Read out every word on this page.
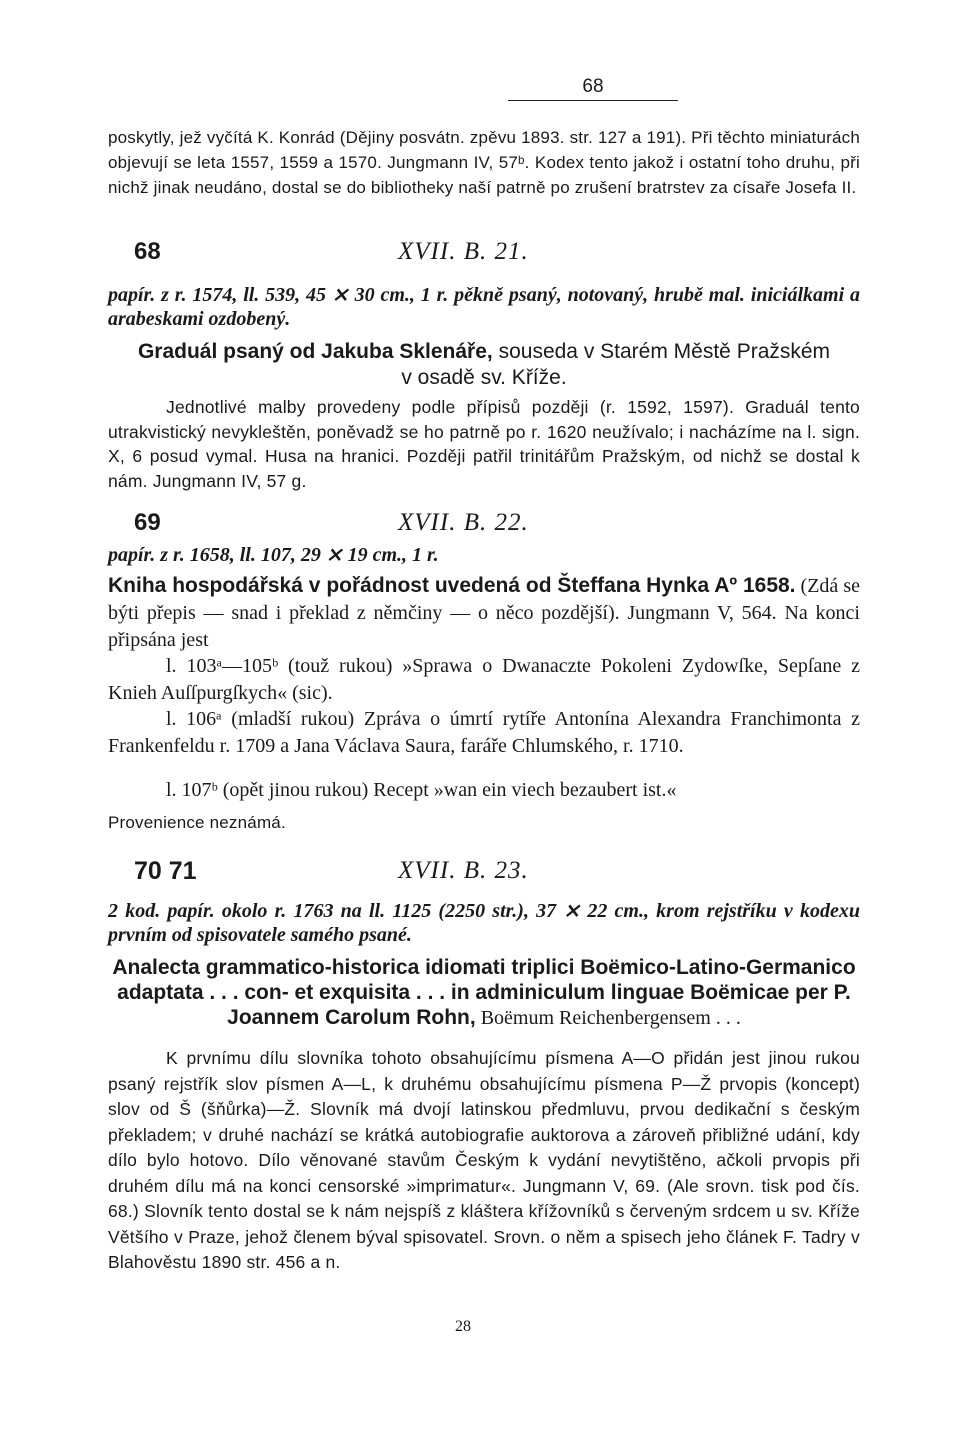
68
poskytly, jež vyčítá K. Konrád (Dějiny posvátn. zpěvu 1893. str. 127 a 191). Při těchto miniaturách objevují se leta 1557, 1559 a 1570. Jungmann IV, 57ᵇ. Kodex tento jakož i ostatní toho druhu, při nichž jinak neudáno, dostal se do bibliotheky naší patrně po zrušení bratrstev za císaře Josefa II.
68	XVII. B. 21.
papír. z r. 1574, ll. 539, 45 ⨯ 30 cm., 1 r. pěkně psaný, notovaný, hrubě mal. iniciálkami a arabeskami ozdobený.
Graduál psaný od Jakuba Sklenáře, souseda v Starém Městě Pražském v osadě sv. Kříže.
Jednotlivé malby provedeny podle přípisů později (r. 1592, 1597). Graduál tento utrakvistický nevykleštěn, poněvadž se ho patrně po r. 1620 neužívalo; i nacházíme na l. sign. X, 6 posud vymal. Husa na hranici. Později patřil trinitářům Pražským, od nichž se dostal k nám. Jungmann IV, 57 g.
69	XVII. B. 22.
papír. z r. 1658, ll. 107, 29 ⨯ 19 cm., 1 r.
Kniha hospodářská v pořádnost uvedená od Šteffana Hynka Aº 1658. (Zdá se býti přepis — snad i překlad z němčiny — o něco pozdější). Jungmann V, 564. Na konci připsána jest
l. 103ᵃ—105ᵇ (touž rukou) »Sprawa o Dwanaczte Pokoleni Zydowſke, Sepſane z Knieh Auſſpurgſkych« (sic).
l. 106ᵃ (mladší rukou) Zpráva o úmrtí rytíře Antonína Alexandra Franchimonta z Frankenfeldu r. 1709 a Jana Václava Saura, faráře Chlumského, r. 1710.
l. 107ᵇ (opět jinou rukou) Recept »wan ein viech bezaubert ist.«
Provenience neznámá.
70 71	XVII. B. 23.
2 kod. papír. okolo r. 1763 na ll. 1125 (2250 str.), 37 ⨯ 22 cm., krom rejstříku v kodexu prvním od spisovatele samého psané.
Analecta grammatico-historica idiomati triplici Boëmico-Latino-Germanico adaptata . . . con- et exquisita . . . in adminiculum linguae Boëmicae per P. Joannem Carolum Rohn, Boëmum Reichenbergensem . . .
K prvnímu dílu slovníka tohoto obsahujícímu písmena A—O přidán jest jinou rukou psaný rejstřík slov písmen A—L, k druhému obsahujícímu písmena P—Ž prvopis (koncept) slov od Š (šňůrka)—Ž. Slovník má dvojí latinskou předmluvu, prvou dedikační s českým překladem; v druhé nachází se krátká autobiografie auktorova a zároveň přibližné udání, kdy dílo bylo hotovo. Dílo věnované stavům Českým k vydání nevytištěno, ačkoli prvopis při druhém dílu má na konci censorské »imprimatur«. Jungmann V, 69. (Ale srovn. tisk pod čís. 68.) Slovník tento dostal se k nám nejspíš z kláštera křížovníků s červeným srdcem u sv. Kříže Většího v Praze, jehož členem býval spisovatel. Srovn. o něm a spisech jeho článek F. Tadry v Blahověstu 1890 str. 456 a n.
28
